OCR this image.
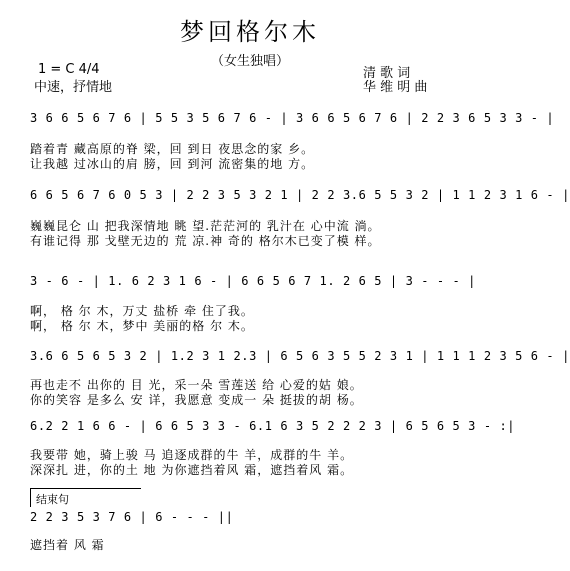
梦回格尔木
（女生独唱）
1 = C 4/4
中速，抒情地
清 歌 词
华 维 明 曲
3 6 6 5 6 7 6 | 5 5 3 5 6 7 6 - | 3 6 6 5 6 7 6 | 2 2 3 6 5 3 3 - |
踏着青 藏高原的脊 梁，回 到日 夜思念的家 乡。
让我越 过冰山的肩 膀，回 到河 流密集的地 方。
6 6 5 6 7 6 0 5 3 | 2 2 3 5 3 2 1 | 2 2 3.6 5 5 3 2 | 1 1 2 3 1 6 - |
巍巍昆仑 山 把我深情地 眺 望.茫茫河的 乳汁在 心中流 淌。
有谁记得 那 戈壁无边的 荒 凉.神 奇的 格尔木已变了模 样。
3 - 6 - | 1. 6 2 3 1 6 - | 6 6 5 6 7 1. 2 6 5 | 3 - - - |
啊， 格 尔 木，万丈 盐桥 牵 住了我。
啊， 格 尔 木，梦中 美丽的格 尔 木。
3.6 6 5 6 5 3 2 | 1.2 3 1 2.3 | 6 5 6 3 5 5 2 3 1 | 1 1 1 2 3 5 6 - |
再也走不 出你的 目 光，采一朵 雪莲送 给 心爱的姑 娘。
你的笑容 是多么 安 详，我愿意 变成一 朵 挺拔的胡 杨。
6.2 2 1 6 6 - | 6 6 5 3 3 - 6.1 6 3 5 2 2 2 3 | 6 5 6 5 3 - :|
我要带 她，骑上骏 马 追逐成群的牛 羊，成群的牛 羊。
深深扎 进，你的土 地 为你遮挡着风 霜，遮挡着风 霜。
结束句
2 2 3 5 3 7 6 | 6 - - - ||
遮挡着 风 霜
